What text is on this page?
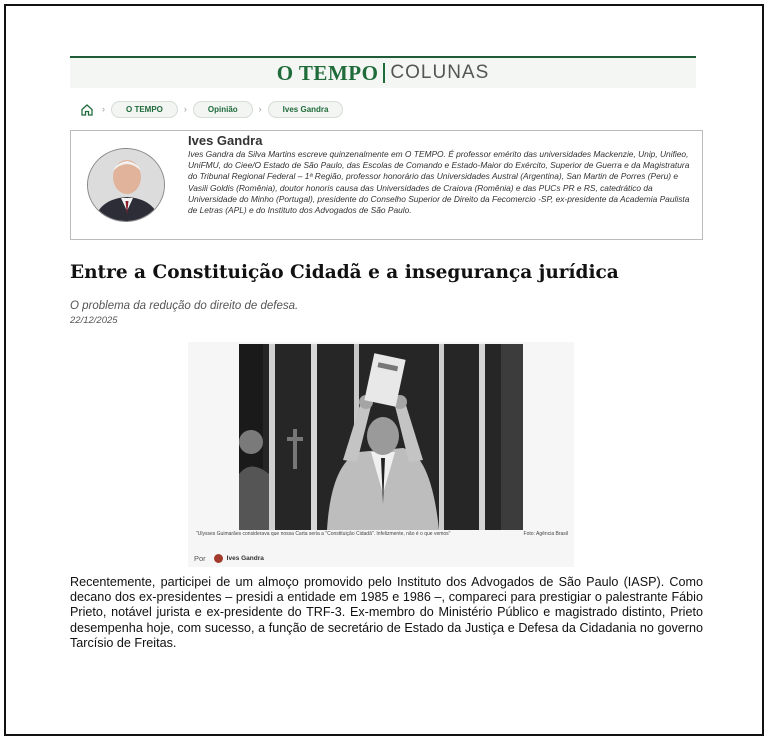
O TEMPO COLUNAS
›	O TEMPO	›	Opinião	›	Ives Gandra
Ives Gandra
Ives Gandra da Silva Martins escreve quinzenalmente em O TEMPO. É professor emérito das universidades Mackenzie, Unip, Unifieo, UniFMU, do Ciee/O Estado de São Paulo, das Escolas de Comando e Estado-Maior do Exército, Superior de Guerra e da Magistratura do Tribunal Regional Federal – 1ª Região, professor honorário das Universidades Austral (Argentina), San Martin de Porres (Peru) e Vasili Goldis (Romênia), doutor honoris causa das Universidades de Craiova (Romênia) e das PUCs PR e RS, catedrático da Universidade do Minho (Portugal), presidente do Conselho Superior de Direito da Fecomercio -SP, ex-presidente da Academia Paulista de Letras (APL) e do Instituto dos Advogados de São Paulo.
Entre a Constituição Cidadã e a insegurança jurídica
O problema da redução do direito de defesa.
22/12/2025
"Ulysses Guimarães considerava que nossa Carta seria a "Constituição Cidadã". Infelizmente, não é o que vemos"	Foto: Agência Brasil
Por	Ives Gandra

Recentemente, participei de um almoço promovido pelo Instituto dos Advogados de São Paulo (IASP). Como decano dos ex-presidentes – presidi a entidade em 1985 e 1986 –, compareci para prestigiar o palestrante Fábio Prieto, notável jurista e ex-presidente do TRF-3. Ex-membro do Ministério Público e magistrado distinto, Prieto desempenha hoje, com sucesso, a função de secretário de Estado da Justiça e Defesa da Cidadania no governo Tarcísio de Freitas.
